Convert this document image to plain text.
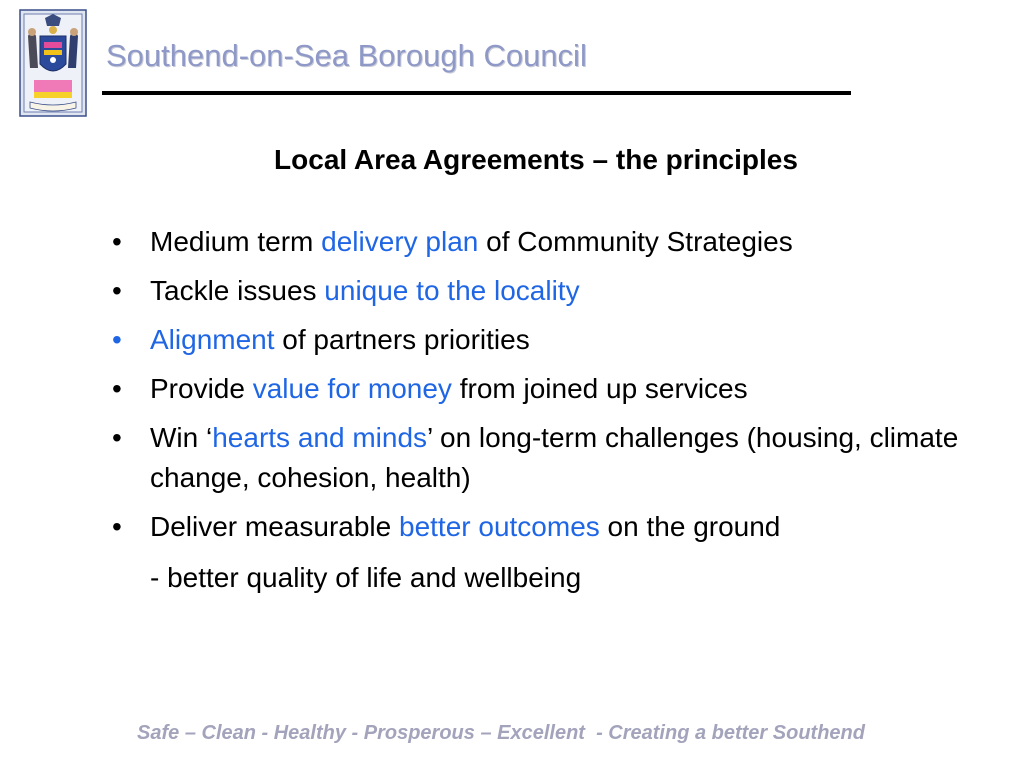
Southend-on-Sea Borough Council
Local Area Agreements – the principles
• Medium term delivery plan of Community Strategies
• Tackle issues unique to the locality
• Alignment of partners priorities
• Provide value for money from joined up services
• Win ‘hearts and minds’ on long-term challenges (housing, climate change, cohesion, health)
• Deliver measurable better outcomes on the ground
- better quality of life and wellbeing
Safe – Clean - Healthy - Prosperous – Excellent  - Creating a better Southend
